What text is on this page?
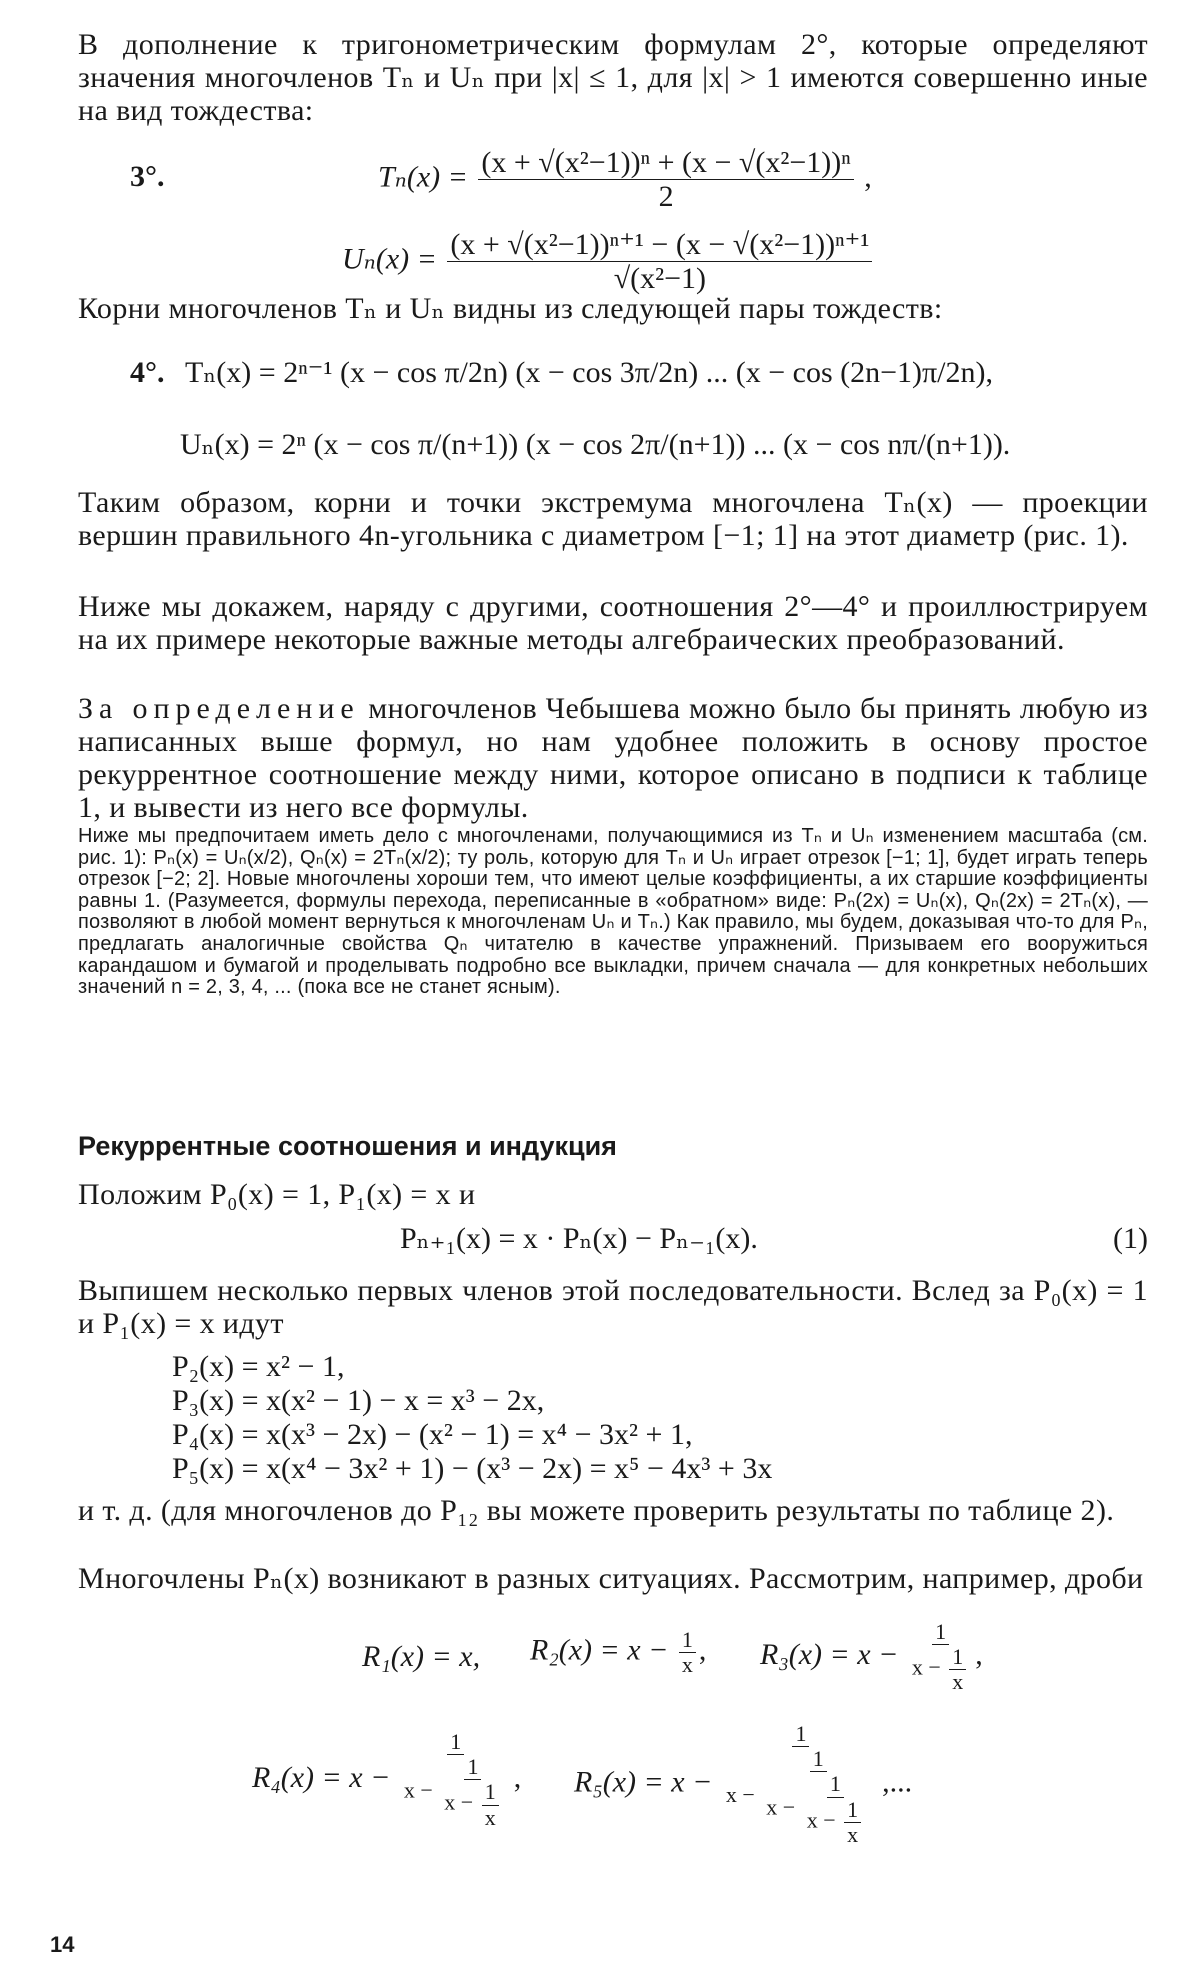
В дополнение к тригонометрическим формулам 2°, которые определяют значения многочленов Tₙ и Uₙ при |x| ≤ 1, для |x| > 1 имеются совершенно иные на вид тождества:

3°.	$T_n(x) = \frac{\text{(x + √(x²−1))ⁿ + (x − √(x²−1))ⁿ}}{2}$ ,
$U_n(x) = \frac{\text{(x + √(x²−1))ⁿ⁺¹ − (x − √(x²−1))ⁿ⁺¹}}{\text{√(x²−1)}}$

Корни многочленов Tₙ и Uₙ видны из следующей пары тождеств:

4°. Tₙ(x) = 2ⁿ⁻¹ (x − cos π/2n) (x − cos 3π/2n) ... (x − cos (2n−1)π/2n),
Uₙ(x) = 2ⁿ (x − cos π/(n+1)) (x − cos 2π/(n+1)) ... (x − cos nπ/(n+1)).

Таким образом, корни и точки экстремума многочлена Tₙ(x) — проекции вершин правильного 4n-угольника с диаметром [−1; 1] на этот диаметр (рис. 1).

Ниже мы докажем, наряду с другими, соотношения 2°—4° и проиллюстрируем на их примере некоторые важные методы алгебраических преобразований.

За определение многочленов Чебышева можно было бы принять любую из написанных выше формул, но нам удобнее положить в основу простое рекуррентное соотношение между ними, которое описано в подписи к таблице 1, и вывести из него все формулы.

Ниже мы предпочитаем иметь дело с многочленами, получающимися из Tₙ и Uₙ изменением масштаба (см. рис. 1): Pₙ(x) = Uₙ(x/2), Qₙ(x) = 2Tₙ(x/2); ту роль, которую для Tₙ и Uₙ играет отрезок [−1; 1], будет играть теперь отрезок [−2; 2]. Новые многочлены хороши тем, что имеют целые коэффициенты, а их старшие коэффициенты равны 1. (Разумеется, формулы перехода, переписанные в «обратном» виде: Pₙ(2x) = Uₙ(x), Qₙ(2x) = 2Tₙ(x), — позволяют в любой момент вернуться к многочленам Uₙ и Tₙ.) Как правило, мы будем, доказывая что-то для Pₙ, предлагать аналогичные свойства Qₙ читателю в качестве упражнений. Призываем его вооружиться карандашом и бумагой и проделывать подробно все выкладки, причем сначала — для конкретных небольших значений n = 2, 3, 4, ... (пока все не станет ясным).

Рекуррентные соотношения и индукция

Положим P₀(x) = 1, P₁(x) = x и

Pₙ₊₁(x) = x · Pₙ(x) − Pₙ₋₁(x).	(1)

Выпишем несколько первых членов этой последовательности. Вслед за P₀(x) = 1 и P₁(x) = x идут

P₂(x) = x² − 1,
P₃(x) = x(x² − 1) − x = x³ − 2x,
P₄(x) = x(x³ − 2x) − (x² − 1) = x⁴ − 3x² + 1,
P₅(x) = x(x⁴ − 3x² + 1) − (x³ − 2x) = x⁵ − 4x³ + 3x

и т. д. (для многочленов до P₁₂ вы можете проверить результаты по таблице 2).

Многочлены Pₙ(x) возникают в разных ситуациях. Рассмотрим, например, дроби

R₁(x) = x, $R_2(x) = x - \frac{1}{x}$ , $R_3(x) = x - \frac{1}{x - \frac{1}{x}}$ ,
R₄(x) = x −
1
$x - \frac{1}{x - \frac{1}{x}}$ , R₅(x) = x −
1
x −
1
$x - \frac{1}{x - \frac{1}{x}}$ ,...
14
